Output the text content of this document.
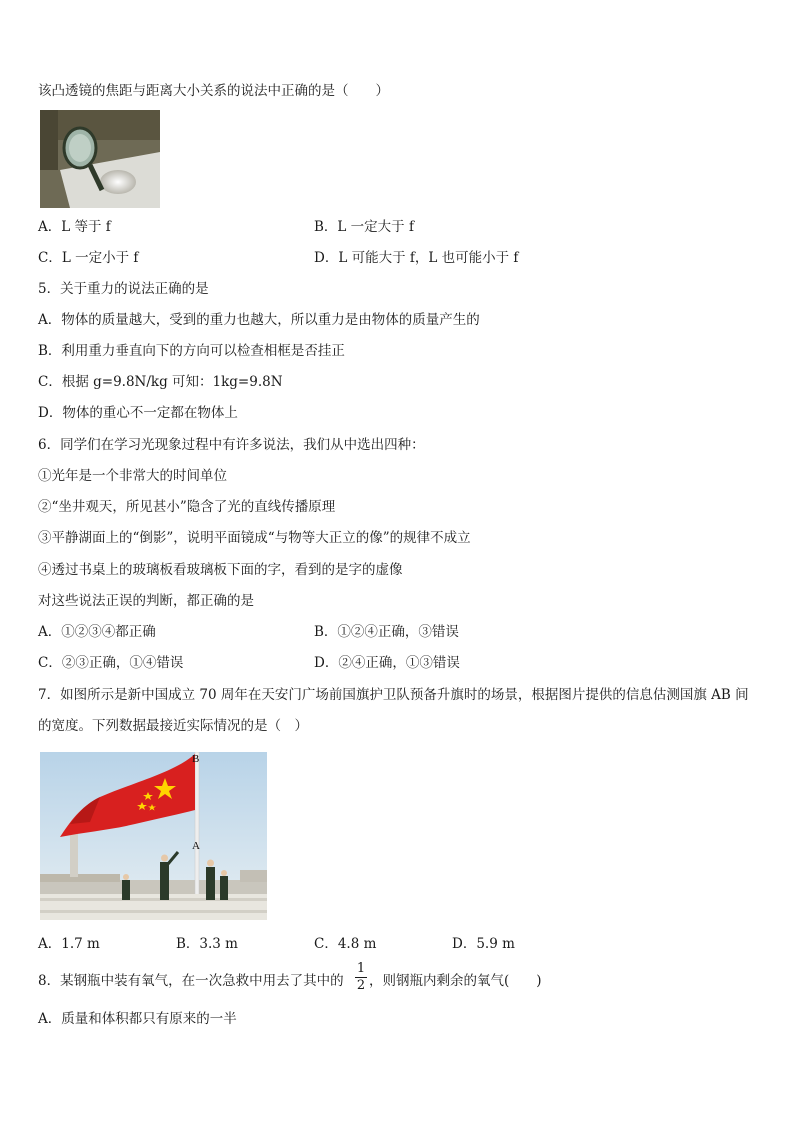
该凸透镜的焦距与距离大小关系的说法中正确的是（　　）
A．L 等于 f	B．L 一定大于 f
C．L 一定小于 f	D．L 可能大于 f，L 也可能小于 f
5．关于重力的说法正确的是
A．物体的质量越大，受到的重力也越大，所以重力是由物体的质量产生的
B．利用重力垂直向下的方向可以检查相框是否挂正
C．根据 g=9.8N/kg 可知：1kg=9.8N
D．物体的重心不一定都在物体上
6．同学们在学习光现象过程中有许多说法，我们从中选出四种：
①光年是一个非常大的时间单位
②“坐井观天，所见甚小”隐含了光的直线传播原理
③平静湖面上的“倒影”，说明平面镜成“与物等大正立的像”的规律不成立
④透过书桌上的玻璃板看玻璃板下面的字，看到的是字的虚像
对这些说法正误的判断，都正确的是
A．①②③④都正确	B．①②④正确，③错误
C．②③正确，①④错误	D．②④正确，①③错误
7．如图所示是新中国成立 70 周年在天安门广场前国旗护卫队预备升旗时的场景，根据图片提供的信息估测国旗 AB 间
的宽度。下列数据最接近实际情况的是（　）
B
A
A．1.7 m	B．3.3 m	C．4.8 m	D．5.9 m
8．某钢瓶中装有氧气，在一次急救中用去了其中的
1
2 ，则钢瓶内剩余的氧气(　　)
A．质量和体积都只有原来的一半
